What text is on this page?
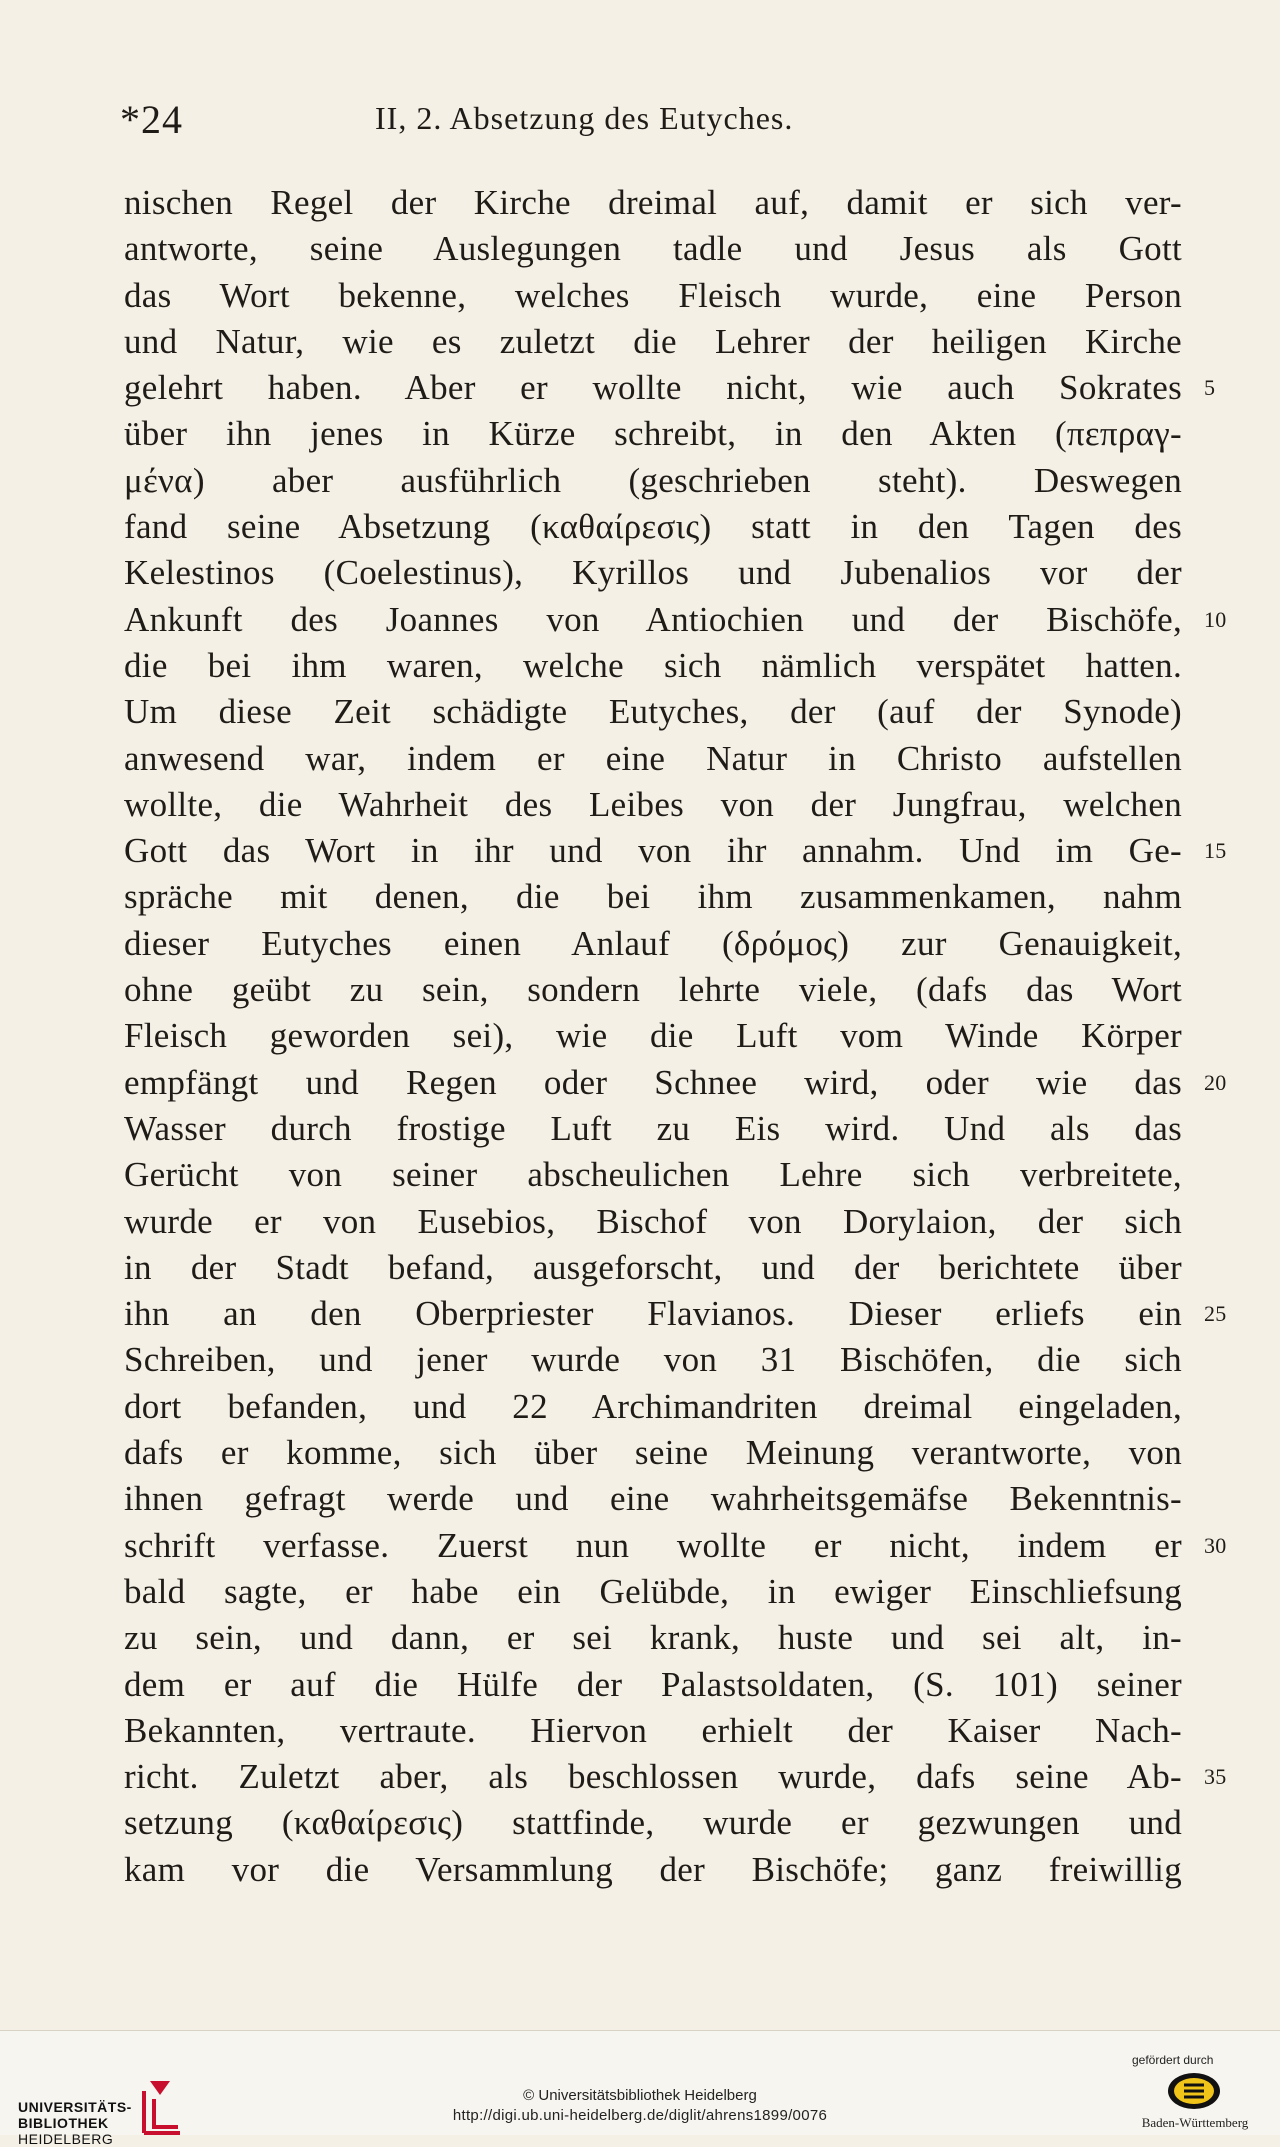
*24	II, 2. Absetzung des Eutyches.
nischen Regel der Kirche dreimal auf, damit er sich ver-
antworte, seine Auslegungen tadle und Jesus als Gott
das Wort bekenne, welches Fleisch wurde, eine Person
und Natur, wie es zuletzt die Lehrer der heiligen Kirche
gelehrt haben. Aber er wollte nicht, wie auch Sokrates 5
über ihn jenes in Kürze schreibt, in den Akten (πεπραγ-
μένα) aber ausführlich (geschrieben steht). Deswegen
fand seine Absetzung (καθαίρεσις) statt in den Tagen des
Kelestinos (Coelestinus), Kyrillos und Jubenalios vor der
Ankunft des Joannes von Antiochien und der Bischöfe, 10
die bei ihm waren, welche sich nämlich verspätet hatten.
Um diese Zeit schädigte Eutyches, der (auf der Synode)
anwesend war, indem er eine Natur in Christo aufstellen
wollte, die Wahrheit des Leibes von der Jungfrau, welchen
Gott das Wort in ihr und von ihr annahm. Und im Ge- 15
spräche mit denen, die bei ihm zusammenkamen, nahm
dieser Eutyches einen Anlauf (δρόμος) zur Genauigkeit,
ohne geübt zu sein, sondern lehrte viele, (dafs das Wort
Fleisch geworden sei), wie die Luft vom Winde Körper
empfängt und Regen oder Schnee wird, oder wie das 20
Wasser durch frostige Luft zu Eis wird. Und als das
Gerücht von seiner abscheulichen Lehre sich verbreitete,
wurde er von Eusebios, Bischof von Dorylaion, der sich
in der Stadt befand, ausgeforscht, und der berichtete über
ihn an den Oberpriester Flavianos. Dieser erliefs ein 25
Schreiben, und jener wurde von 31 Bischöfen, die sich
dort befanden, und 22 Archimandriten dreimal eingeladen,
dafs er komme, sich über seine Meinung verantworte, von
ihnen gefragt werde und eine wahrheitsgemäfse Bekenntnis-
schrift verfasse. Zuerst nun wollte er nicht, indem er 30
bald sagte, er habe ein Gelübde, in ewiger Einschliefsung
zu sein, und dann, er sei krank, huste und sei alt, in-
dem er auf die Hülfe der Palastsoldaten, (S. 101) seiner
Bekannten, vertraute. Hiervon erhielt der Kaiser Nach-
richt. Zuletzt aber, als beschlossen wurde, dafs seine Ab- 35
setzung (καθαίρεσις) stattfinde, wurde er gezwungen und
kam vor die Versammlung der Bischöfe; ganz freiwillig
UNIVERSITÄTS-
BIBLIOTHEK
HEIDELBERG
© Universitätsbibliothek Heidelberg
http://digi.ub.uni-heidelberg.de/diglit/ahrens1899/0076
gefördert durch
Baden-Württemberg
